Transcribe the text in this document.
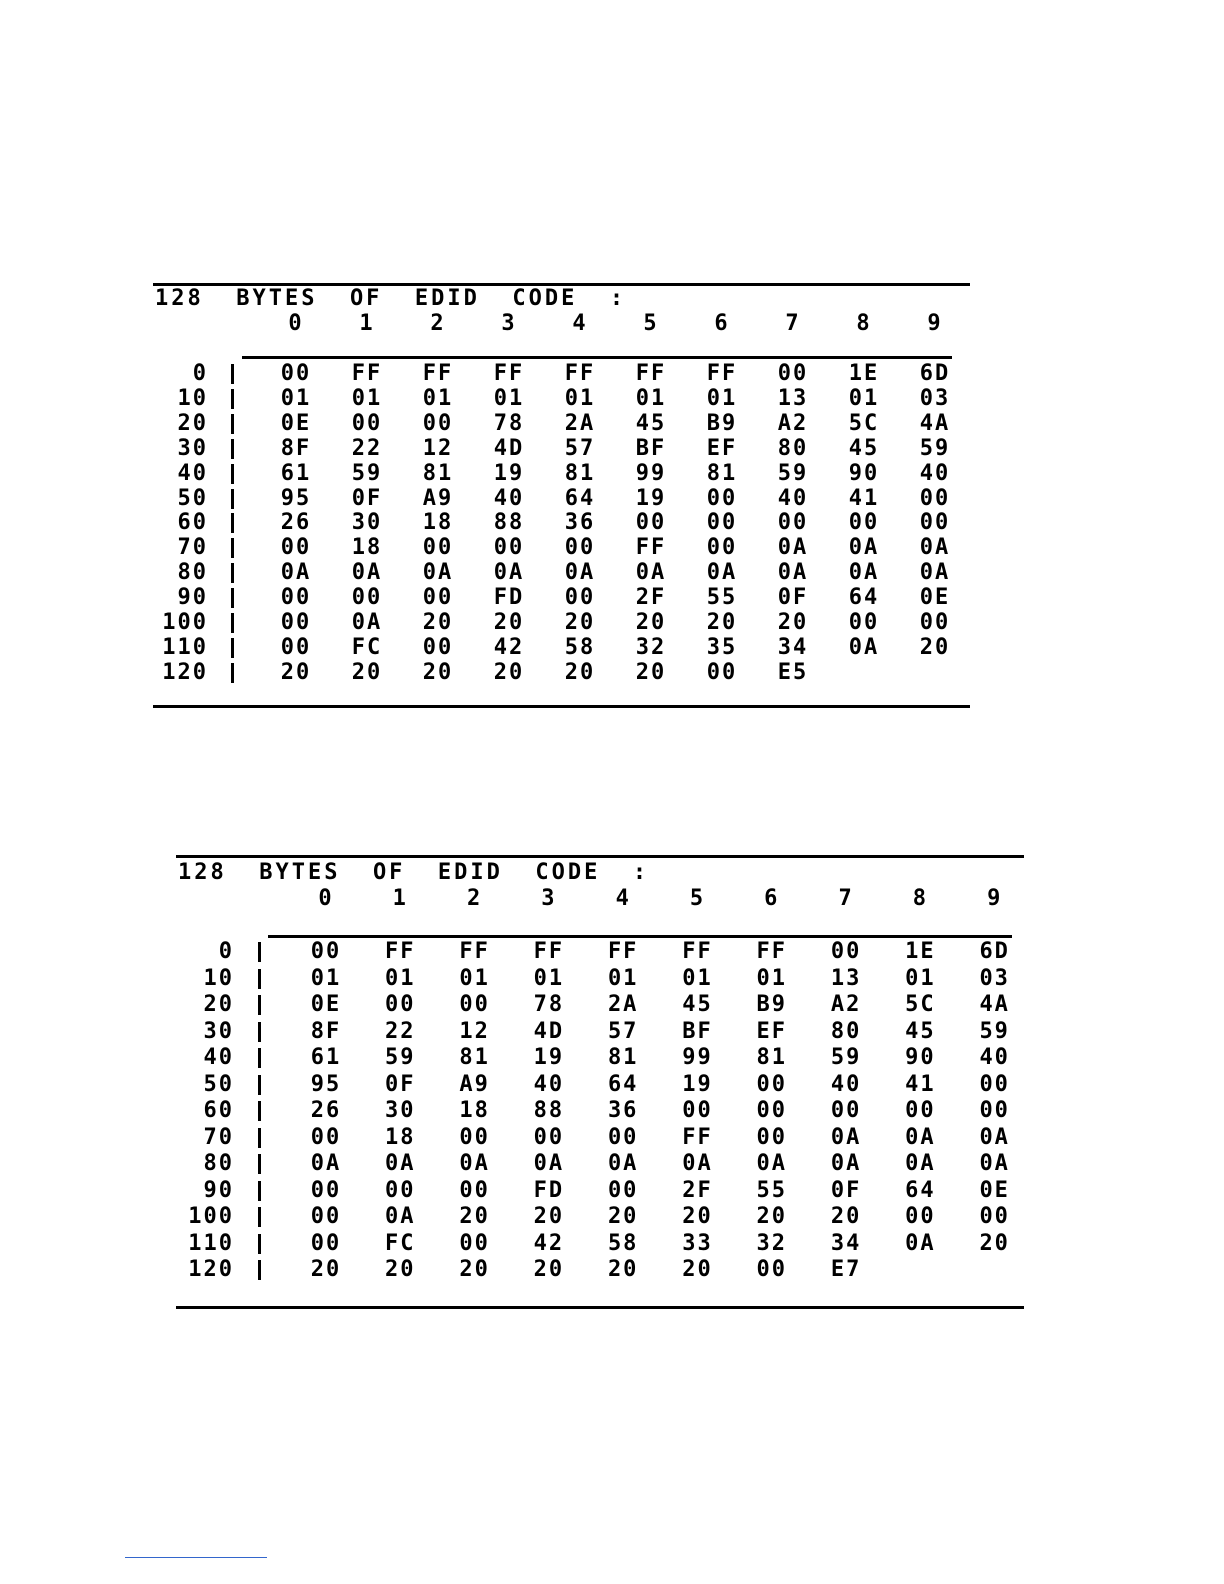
128  BYTES  OF  EDID  CODE  :
0	1	2	3	4	5	6	7	8	9
0	00	FF	FF	FF	FF	FF	FF	00	1E	6D
10	01	01	01	01	01	01	01	13	01	03
20	0E	00	00	78	2A	45	B9	A2	5C	4A
30	8F	22	12	4D	57	BF	EF	80	45	59
40	61	59	81	19	81	99	81	59	90	40
50	95	0F	A9	40	64	19	00	40	41	00
60	26	30	18	88	36	00	00	00	00	00
70	00	18	00	00	00	FF	00	0A	0A	0A
80	0A	0A	0A	0A	0A	0A	0A	0A	0A	0A
90	00	00	00	FD	00	2F	55	0F	64	0E
100	00	0A	20	20	20	20	20	20	00	00
110	00	FC	00	42	58	32	35	34	0A	20
120	20	20	20	20	20	20	00	E5
128  BYTES  OF  EDID  CODE  :
0	1	2	3	4	5	6	7	8	9
0	00	FF	FF	FF	FF	FF	FF	00	1E	6D
10	01	01	01	01	01	01	01	13	01	03
20	0E	00	00	78	2A	45	B9	A2	5C	4A
30	8F	22	12	4D	57	BF	EF	80	45	59
40	61	59	81	19	81	99	81	59	90	40
50	95	0F	A9	40	64	19	00	40	41	00
60	26	30	18	88	36	00	00	00	00	00
70	00	18	00	00	00	FF	00	0A	0A	0A
80	0A	0A	0A	0A	0A	0A	0A	0A	0A	0A
90	00	00	00	FD	00	2F	55	0F	64	0E
100	00	0A	20	20	20	20	20	20	00	00
110	00	FC	00	42	58	33	32	34	0A	20
120	20	20	20	20	20	20	00	E7
